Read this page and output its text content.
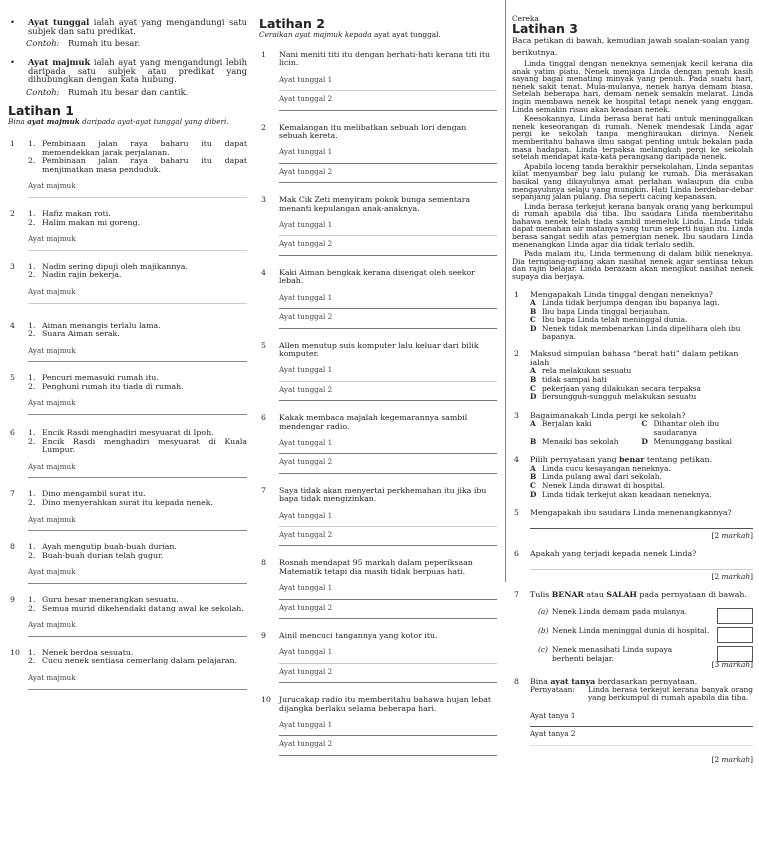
•	Ayat tunggal ialah ayat yang mengandungi satu subjek dan satu predikat.

Contoh:	Rumah itu besar.
•	Ayat majmuk ialah ayat yang mengandungi lebih daripada satu subjek atau predikat yang dihubungkan dengan kata hubung.

Contoh:	Rumah itu besar dan cantik.
Latihan 1
Bina ayat majmuk daripada ayat-ayat tunggal yang diberi.
1	1. Pembinaan jalan raya baharu itu dapat memendekkan jarak perjalanan.

2. Pembinaan jalan raya baharu itu dapat menjimatkan masa penduduk.

Ayat majmuk
2	1. Hafiz makan roti.

2. Halim makan mi goreng.

Ayat majmuk
3	1. Nadin sering dipuji oleh majikannya.

2. Nadin rajin bekerja.

Ayat majmuk
4	1. Aiman menangis terlalu lama.

2. Suara Aiman serak.

Ayat majmuk
5	1. Pencuri memasuki rumah itu.

2. Penghuni rumah itu tiada di rumah.

Ayat majmuk
6	1. Encik Rasdi menghadiri mesyuarat di Ipoh.

2. Encik Rasdi menghadiri mesyuarat di Kuala Lumpur.

Ayat majmuk
7	1. Dino mengambil surat itu.

2. Dino menyerahkan surat itu kepada nenek.

Ayat majmuk
8	1. Ayah mengutip buah-buah durian.

2. Buah-buah durian telah gugur.

Ayat majmuk
9	1. Guru besar menerangkan sesuatu.

2. Semua murid dikehendaki datang awal ke sekolah.

Ayat majmuk
10	1. Nenek berdoa sesuatu.

2. Cucu nenek sentiasa cemerlang dalam pelajaran.

Ayat majmuk
Latihan 2
Ceraikan ayat majmuk kepada ayat ayat tunggal.
1	Nani meniti titi itu dengan berhati-hati kerana titi itu licin.

Ayat tunggal 1
Ayat tunggal 2
2	Kemalangan itu melibatkan sebuah lori dengan sebuah kereta.

Ayat tunggal 1
Ayat tunggal 2
3	Mak Cik Zeti menyiram pokok bunga sementara menanti kepulangan anak-anaknya.

Ayat tunggal 1
Ayat tunggal 2
4	Kaki Aiman bengkak kerana disengat oleh seekor lebah.

Ayat tunggal 1
Ayat tunggal 2
5	Allen menutup suis komputer lalu keluar dari bilik komputer.

Ayat tunggal 1
Ayat tunggal 2
6	Kakak membaca majalah kegemarannya sambil mendengar radio.

Ayat tunggal 1
Ayat tunggal 2
7	Saya tidak akan menyertai perkhemahan itu jika ibu bapa tidak mengizinkan.

Ayat tunggal 1
Ayat tunggal 2
8	Rosnah mendapat 95 markah dalam peperiksaan Matematik tetapi dia masih tidak berpuas hati.

Ayat tunggal 1
Ayat tunggal 2
9	Ainil mencuci tangannya yang kotor itu.

Ayat tunggal 1
Ayat tunggal 2
10	Jurucakap radio itu memberitahu bahawa hujan lebat dijangka berlaku selama beberapa hari.

Ayat tunggal 1
Ayat tunggal 2
Cereka
Latihan 3
Baca petikan di bawah, kemudian jawab soalan-soalan yang berikutnya.

Linda tinggal dengan neneknya semenjak kecil kerana dia anak yatim piatu. Nenek menjaga Linda dengan penuh kasih sayang bagai menating minyak yang penuh. Pada suatu hari, nenek sakit tenat. Mula-mulanya, nenek hanya demam biasa. Setelah beberapa hari, demam nenek semakin melarat. Linda ingin membawa nenek ke hospital tetapi nenek yang enggan. Linda semakin risau akan keadaan nenek.

Keesokannya, Linda berasa berat hati untuk meninggalkan nenek keseorangan di rumah. Nenek mendesak Linda agar pergi ke sekolah tanpa menghiraukan dirinya. Nenek memberitahu bahawa ilmu sangat penting untuk bekalan pada masa hadapan. Linda terpaksa melangkah pergi ke sekolah setelah mendapat kata-kata perangsang daripada nenek.

Apabila loceng tanda berakhir persekolahan, Linda sepantas kilat menyambar beg lalu pulang ke rumah. Dia merasakan basikal yang dikayuhnya amat perlahan walaupun dia cuba mengayuhnya selaju yang mungkin. Hati Linda berdebar-debar sepanjang jalan pulang. Dia seperti cacing kepanasan.

Linda berasa terkejut kerana banyak orang yang berkumpul di rumah apabila dia tiba. Ibu saudara Linda memberitahu bahawa nenek telah tiada sambil memeluk Linda. Linda tidak dapat menahan air matanya yang turun seperti hujan itu. Linda berasa sangat sedih atas pemergian nenek. Ibu saudara Linda menenangkan Linda agar dia tidak terlalu sedih.

Pada malam itu, Linda termenung di dalam bilik neneknya. Dia terngiang-ngiang akan nasihat nenek agar sentiasa tekun dan rajin belajar. Linda berazam akan mengikut nasihat nenek supaya dia berjaya.

1	Mengapakah Linda tinggal dengan neneknya?
A Linda tidak berjumpa dengan ibu bapanya lagi.
B Ibu bapa Linda tinggal berjauhan.
C Ibu bapa Linda telah meninggal dunia.
D Nenek tidak membenarkan Linda dipelihara oleh ibu bapanya.
2	Maksud simpulan bahasa “berat hati” dalam petikan ialah
A rela melakukan sesuatu
B tidak sampai hati
C pekerjaan yang dilakukan secara terpaksa
D bersungguh-sungguh melakukan sesuatu
3	Bagaimanakah Linda pergi ke sekolah?
A Berjalan kaki	C Dihantar oleh ibu saudaranya
B Menaiki bas sekolah	D Menunggang basikal
4	Pilih pernyataan yang benar tentang petikan.
A Linda cucu kesayangan neneknya.
B Linda pulang awal dari sekolah.
C Nenek Linda dirawat di hospital.
D Linda tidak terkejut akan keadaan neneknya.
5	Mengapakah ibu saudara Linda menenangkannya?
[2 markah]
6	Apakah yang terjadi kepada nenek Linda?
[2 markah]
7	Tulis BENAR atau SALAH pada pernyataan di bawah.
(a) Nenek Linda demam pada mulanya.
(b) Nenek Linda meninggal dunia di hospital.
(c) Nenek menasihati Linda supaya berhenti belajar.
[3 markah]
8	Bina ayat tanya berdasarkan pernyataan.
Pernyataan:	Linda berasa terkejut kerana banyak orang yang berkumpul di rumah apabila dia tiba.
Ayat tanya 1
Ayat tanya 2
[2 markah]
